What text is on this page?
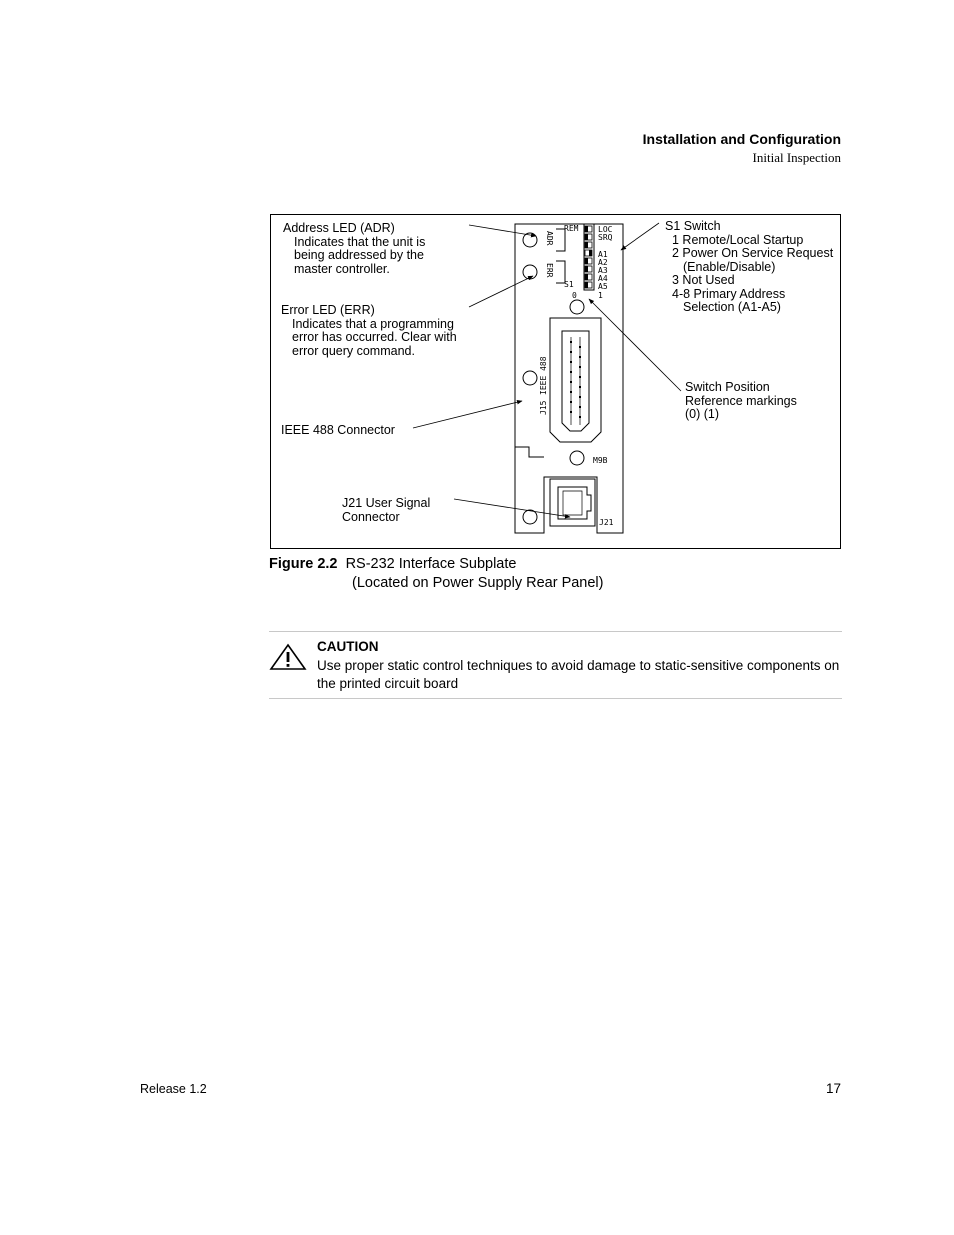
Installation and Configuration
Initial Inspection
ADR
ERR
REM LOC
SRQ
A1
A2
A3
A4
A5
S1
0	1
J15
IEEE 488
M9B
J21
Address LED (ADR)
Indicates that the unit is
being addressed by the
master controller.
Error LED (ERR)
Indicates that a programming
error has occurred. Clear with
error query command.
IEEE 488 Connector
J21 User Signal
Connector
S1 Switch
1 Remote/Local Startup
2 Power On Service Request
(Enable/Disable)
3 Not Used
4-8 Primary Address
Selection (A1-A5)
Switch Position
Reference markings
(0) (1)
Figure 2.2 RS-232 Interface Subplate
(Located on Power Supply Rear Panel)
CAUTION
Use proper static control techniques to avoid damage to static-sensitive components on the printed circuit board
Release 1.2	17
